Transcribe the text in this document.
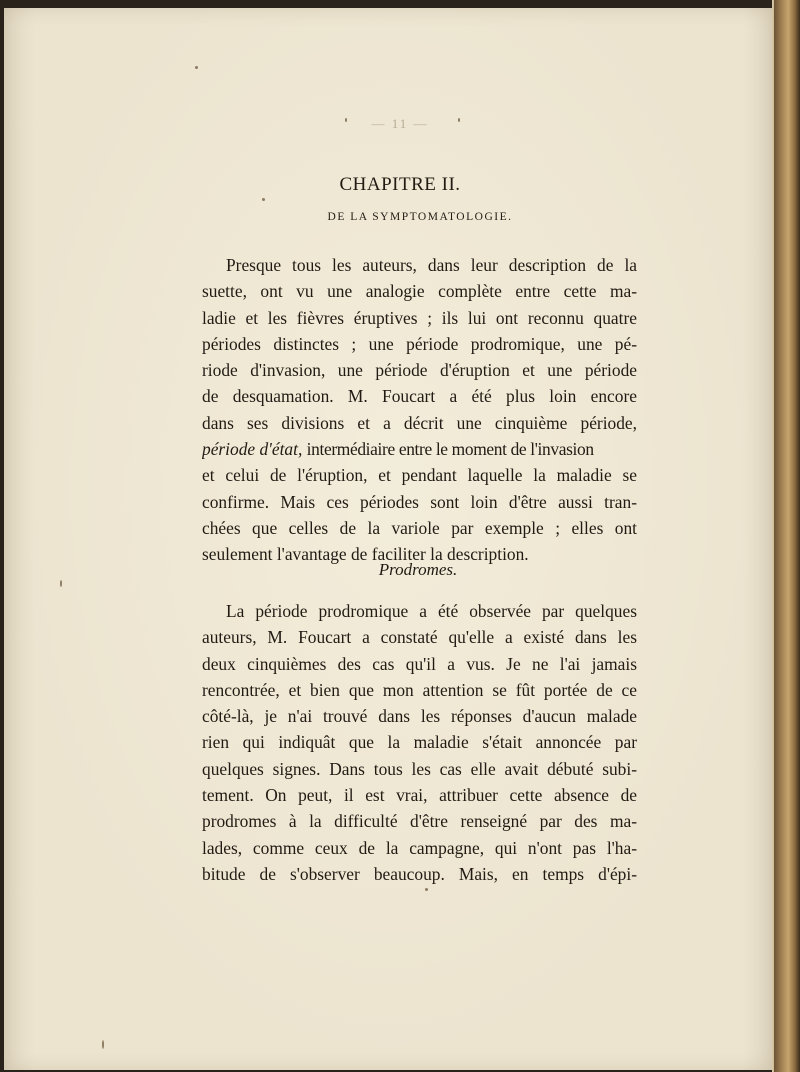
— 11 —
CHAPITRE II.
DE LA SYMPTOMATOLOGIE.
Presque tous les auteurs, dans leur description de la
suette, ont vu une analogie complète entre cette ma-
ladie et les fièvres éruptives ; ils lui ont reconnu quatre
périodes distinctes ; une période prodromique, une pé-
riode d'invasion, une période d'éruption et une période
de desquamation. M. Foucart a été plus loin encore
dans ses divisions et a décrit une cinquième période,
période d'état, intermédiaire entre le moment de l'invasion
et celui de l'éruption, et pendant laquelle la maladie se
confirme. Mais ces périodes sont loin d'être aussi tran-
chées que celles de la variole par exemple ; elles ont
seulement l'avantage de faciliter la description.
Prodromes.
La période prodromique a été observée par quelques
auteurs, M. Foucart a constaté qu'elle a existé dans les
deux cinquièmes des cas qu'il a vus. Je ne l'ai jamais
rencontrée, et bien que mon attention se fût portée de ce
côté-là, je n'ai trouvé dans les réponses d'aucun malade
rien qui indiquât que la maladie s'était annoncée par
quelques signes. Dans tous les cas elle avait débuté subi-
tement. On peut, il est vrai, attribuer cette absence de
prodromes à la difficulté d'être renseigné par des ma-
lades, comme ceux de la campagne, qui n'ont pas l'ha-
bitude de s'observer beaucoup. Mais, en temps d'épi-
